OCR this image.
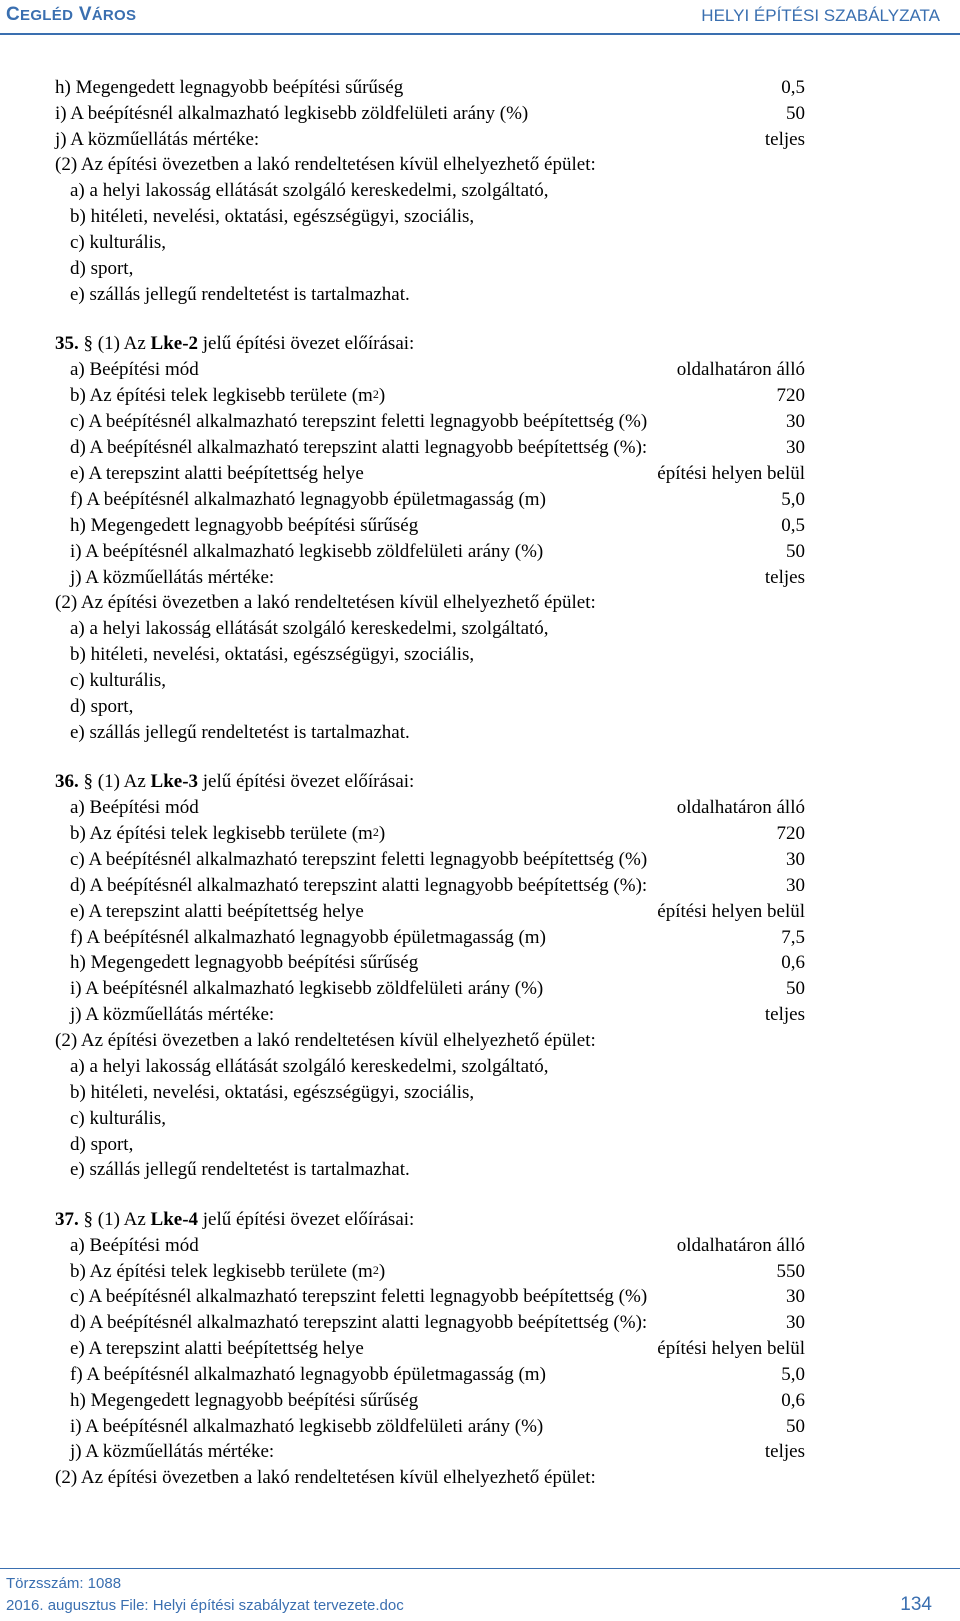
CEGLÉD VÁROS	HELYI ÉPÍTÉSI SZABÁLYZATA
h) Megengedett legnagyobb beépítési sűrűség	0,5
i) A beépítésnél alkalmazható legkisebb zöldfelületi arány (%)	50
j) A közműellátás mértéke:	teljes
(2) Az építési övezetben a lakó rendeltetésen kívül elhelyezhető épület:
a) a helyi lakosság ellátását szolgáló kereskedelmi, szolgáltató,
b) hitéleti, nevelési, oktatási, egészségügyi, szociális,
c) kulturális,
d) sport,
e) szállás jellegű rendeltetést is tartalmazhat.
35. § (1) Az Lke-2 jelű építési övezet előírásai:
a) Beépítési mód	oldalhatáron álló
b) Az építési telek legkisebb területe $(m^2)$	720
c) A beépítésnél alkalmazható terepszint feletti legnagyobb beépítettség (%)	30
d) A beépítésnél alkalmazható terepszint alatti legnagyobb beépítettség (%):	30
e) A terepszint alatti beépítettség helye	építési helyen belül
f) A beépítésnél alkalmazható legnagyobb épületmagasság (m)	5,0
h) Megengedett legnagyobb beépítési sűrűség	0,5
i) A beépítésnél alkalmazható legkisebb zöldfelületi arány (%)	50
j) A közműellátás mértéke:	teljes
(2) Az építési övezetben a lakó rendeltetésen kívül elhelyezhető épület:
a) a helyi lakosság ellátását szolgáló kereskedelmi, szolgáltató,
b) hitéleti, nevelési, oktatási, egészségügyi, szociális,
c) kulturális,
d) sport,
e) szállás jellegű rendeltetést is tartalmazhat.
36. § (1) Az Lke-3 jelű építési övezet előírásai:
a) Beépítési mód	oldalhatáron álló
b) Az építési telek legkisebb területe $(m^2)$	720
c) A beépítésnél alkalmazható terepszint feletti legnagyobb beépítettség (%)	30
d) A beépítésnél alkalmazható terepszint alatti legnagyobb beépítettség (%):	30
e) A terepszint alatti beépítettség helye	építési helyen belül
f) A beépítésnél alkalmazható legnagyobb épületmagasság (m)	7,5
h) Megengedett legnagyobb beépítési sűrűség	0,6
i) A beépítésnél alkalmazható legkisebb zöldfelületi arány (%)	50
j) A közműellátás mértéke:	teljes
(2) Az építési övezetben a lakó rendeltetésen kívül elhelyezhető épület:
a) a helyi lakosság ellátását szolgáló kereskedelmi, szolgáltató,
b) hitéleti, nevelési, oktatási, egészségügyi, szociális,
c) kulturális,
d) sport,
e) szállás jellegű rendeltetést is tartalmazhat.
37. § (1) Az Lke-4 jelű építési övezet előírásai:
a) Beépítési mód	oldalhatáron álló
b) Az építési telek legkisebb területe $(m^2)$	550
c) A beépítésnél alkalmazható terepszint feletti legnagyobb beépítettség (%)	30
d) A beépítésnél alkalmazható terepszint alatti legnagyobb beépítettség (%):	30
e) A terepszint alatti beépítettség helye	építési helyen belül
f) A beépítésnél alkalmazható legnagyobb épületmagasság (m)	5,0
h) Megengedett legnagyobb beépítési sűrűség	0,6
i) A beépítésnél alkalmazható legkisebb zöldfelületi arány (%)	50
j) A közműellátás mértéke:	teljes
(2) Az építési övezetben a lakó rendeltetésen kívül elhelyezhető épület:
Törzsszám: 1088
2016. augusztus File: Helyi építési szabályzat tervezete.doc	134
